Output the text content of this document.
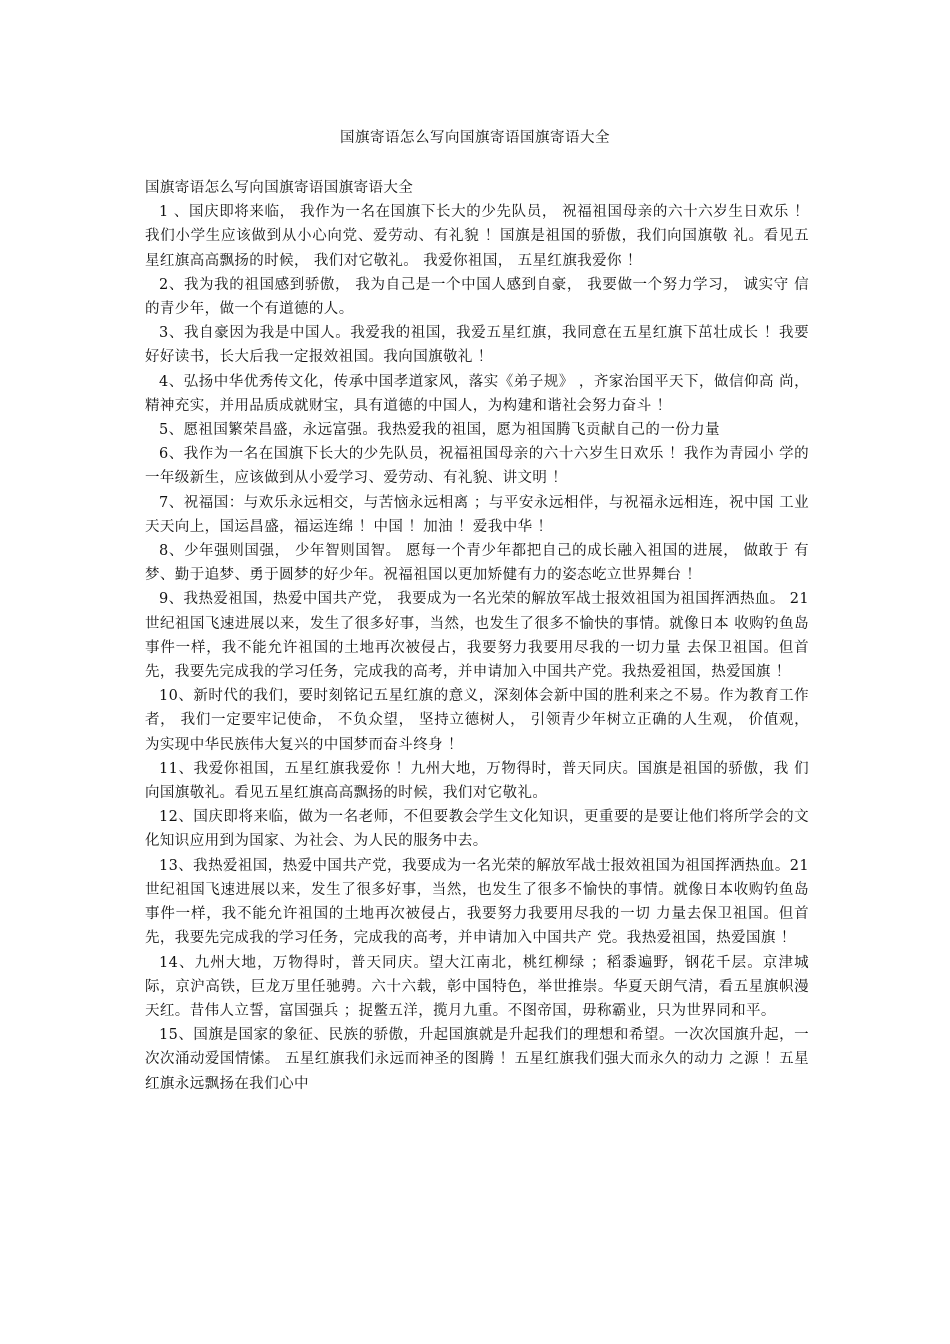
国旗寄语怎么写向国旗寄语国旗寄语大全

国旗寄语怎么写向国旗寄语国旗寄语大全

1 、国庆即将来临， 我作为一名在国旗下长大的少先队员， 祝福祖国母亲的六十六岁生日欢乐 ！我们小学生应该做到从小心向党、爱劳动、有礼貌 ！国旗是祖国的骄傲，我们向国旗敬 礼。看见五星红旗高高飘扬的时候， 我们对它敬礼。 我爱你祖国， 五星红旗我爱你 ！

2、我为我的祖国感到骄傲， 我为自己是一个中国人感到自豪， 我要做一个努力学习， 诚实守 信的青少年，做一个有道德的人。

3、我自豪因为我是中国人。我爱我的祖国，我爱五星红旗，我同意在五星红旗下茁壮成长 ！我要好好读书，长大后我一定报效祖国。我向国旗敬礼 ！

4、弘扬中华优秀传文化，传承中国孝道家风，落实《弟子规》 ，齐家治国平天下，做信仰高 尚，精神充实，并用品质成就财宝，具有道德的中国人，为构建和谐社会努力奋斗 ！

5、愿祖国繁荣昌盛，永远富强。我热爱我的祖国，愿为祖国腾飞贡献自己的一份力量

6、我作为一名在国旗下长大的少先队员，祝福祖国母亲的六十六岁生日欢乐 ！我作为青园小 学的一年级新生，应该做到从小爱学习、爱劳动、有礼貌、讲文明 ！

7、祝福国：与欢乐永远相交，与苦恼永远相离 ；与平安永远相伴，与祝福永远相连，祝中国 工业天天向上，国运昌盛，福运连绵 ！中国 ！加油 ！爱我中华 ！

8、少年强则国强， 少年智则国智。 愿每一个青少年都把自己的成长融入祖国的进展， 做敢于 有梦、勤于追梦、勇于圆梦的好少年。祝福祖国以更加矫健有力的姿态屹立世界舞台 ！

9、我热爱祖国，热爱中国共产党， 我要成为一名光荣的解放军战士报效祖国为祖国挥洒热血。 21 世纪祖国飞速进展以来，发生了很多好事，当然，也发生了很多不愉快的事情。就像日本 收购钓鱼岛事件一样，我不能允许祖国的土地再次被侵占，我要努力我要用尽我的一切力量 去保卫祖国。但首先，我要先完成我的学习任务，完成我的高考，并申请加入中国共产党。我热爱祖国，热爱国旗 ！

10、新时代的我们，要时刻铭记五星红旗的意义，深刻体会新中国的胜利来之不易。作为教育工作者， 我们一定要牢记使命， 不负众望， 坚持立德树人， 引领青少年树立正确的人生观， 价值观，为实现中华民族伟大复兴的中国梦而奋斗终身 ！

11、我爱你祖国，五星红旗我爱你 ！九州大地，万物得时，普天同庆。国旗是祖国的骄傲，我 们向国旗敬礼。看见五星红旗高高飘扬的时候，我们对它敬礼。

12、国庆即将来临，做为一名老师，不但要教会学生文化知识，更重要的是要让他们将所学会的文化知识应用到为国家、为社会、为人民的服务中去。

13、我热爱祖国，热爱中国共产党，我要成为一名光荣的解放军战士报效祖国为祖国挥洒热血。21 世纪祖国飞速进展以来，发生了很多好事，当然，也发生了很多不愉快的事情。就像日本收购钓鱼岛事件一样，我不能允许祖国的土地再次被侵占，我要努力我要用尽我的一切 力量去保卫祖国。但首先，我要先完成我的学习任务，完成我的高考，并申请加入中国共产 党。我热爱祖国，热爱国旗 ！

14、九州大地，万物得时，普天同庆。望大江南北，桃红柳绿 ；稻黍遍野，钢花千层。京津城 际，京沪高铁，巨龙万里任驰骋。六十六载，彰中国特色，举世推崇。华夏天朗气清，看五星旗帜漫天红。昔伟人立誓，富国强兵 ；捉鳖五洋，揽月九重。不图帝国，毋称霸业，只为世界同和平。

15、国旗是国家的象征、民族的骄傲，升起国旗就是升起我们的理想和希望。一次次国旗升起，一次次涌动爱国情愫。 五星红旗我们永远而神圣的图腾 ！五星红旗我们强大而永久的动力 之源 ！五星红旗永远飘扬在我们心中
